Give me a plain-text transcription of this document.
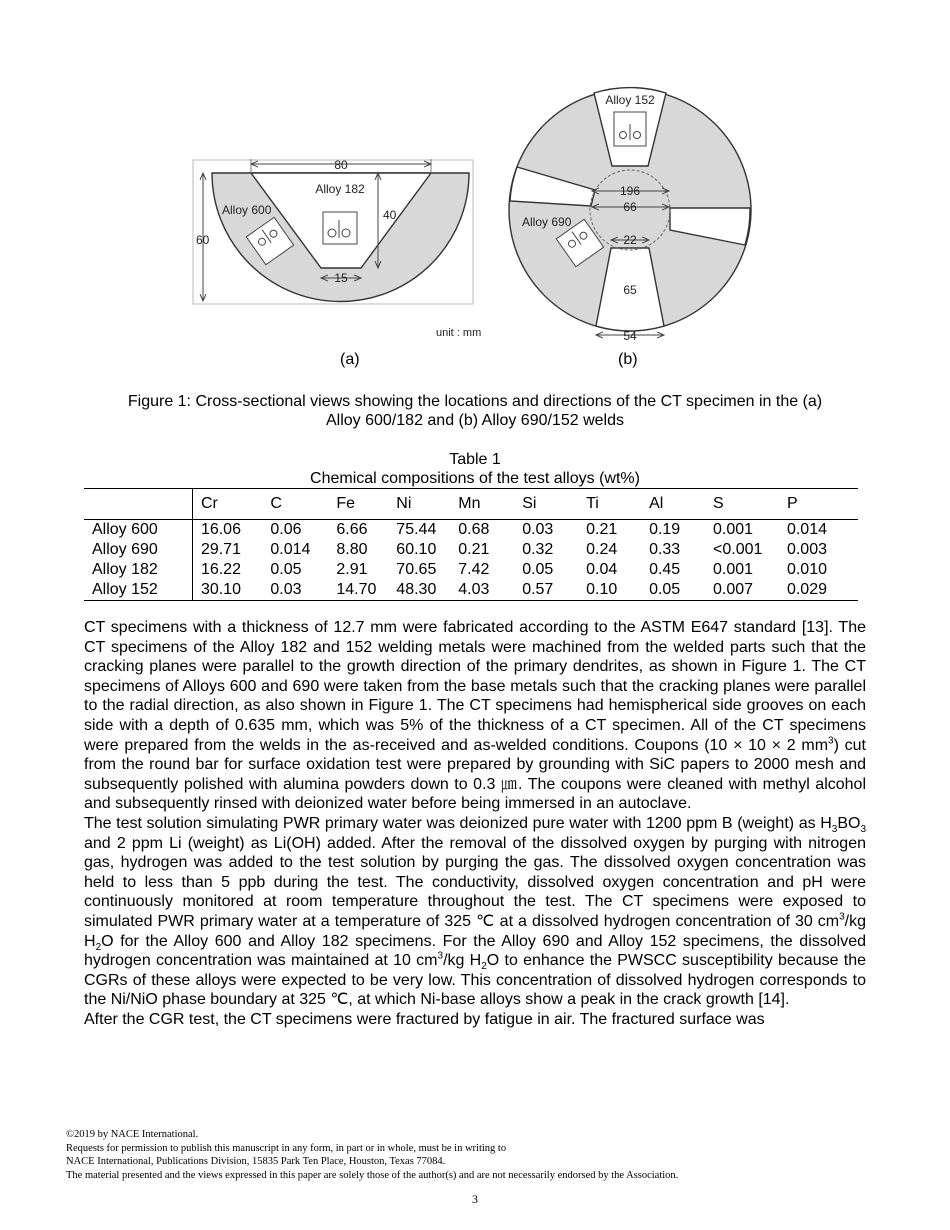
80
Alloy 182
40
Alloy 600
60
15
unit : mm
Alloy 152
196
66
Alloy 690
22
65
54
(a)	(b)
Figure 1: Cross-sectional views showing the locations and directions of the CT specimen in the (a)
Alloy 600/182 and (b) Alloy 690/152 welds
Table 1
Chemical compositions of the test alloys (wt%)
	Cr	C	Fe	Ni	Mn	Si	Ti	Al	S	P
Alloy 600	16.06	0.06	6.66	75.44	0.68	0.03	0.21	0.19	0.001	0.014
Alloy 690	29.71	0.014	8.80	60.10	0.21	0.32	0.24	0.33	<0.001	0.003
Alloy 182	16.22	0.05	2.91	70.65	7.42	0.05	0.04	0.45	0.001	0.010
Alloy 152	30.10	0.03	14.70	48.30	4.03	0.57	0.10	0.05	0.007	0.029

CT specimens with a thickness of 12.7 mm were fabricated according to the ASTM E647 standard [13]. The CT specimens of the Alloy 182 and 152 welding metals were machined from the welded parts such that the cracking planes were parallel to the growth direction of the primary dendrites, as shown in Figure 1. The CT specimens of Alloys 600 and 690 were taken from the base metals such that the cracking planes were parallel to the radial direction, as also shown in Figure 1. The CT specimens had hemispherical side grooves on each side with a depth of 0.635 mm, which was 5% of the thickness of a CT specimen. All of the CT specimens were prepared from the welds in the as-received and as-welded conditions. Coupons (10 × 10 × 2 $mm^3$) cut from the round bar for surface oxidation test were prepared by grounding with SiC papers to 2000 mesh and subsequently polished with alumina powders down to 0.3 ㎛. The coupons were cleaned with methyl alcohol and subsequently rinsed with deionized water before being immersed in an autoclave.

The test solution simulating PWR primary water was deionized pure water with 1200 ppm B (weight) as $H_3BO_3$ and 2 ppm Li (weight) as Li(OH) added. After the removal of the dissolved oxygen by purging with nitrogen gas, hydrogen was added to the test solution by purging the gas. The dissolved oxygen concentration was held to less than 5 ppb during the test. The conductivity, dissolved oxygen concentration and pH were continuously monitored at room temperature throughout the test. The CT specimens were exposed to simulated PWR primary water at a temperature of 325 ℃ at a dissolved hydrogen concentration of 30 $cm^3/kg$ $H_2O$ for the Alloy 600 and Alloy 182 specimens. For the Alloy 690 and Alloy 152 specimens, the dissolved hydrogen concentration was maintained at 10 $cm^3/kg$ $H_2O$ to enhance the PWSCC susceptibility because the CGRs of these alloys were expected to be very low. This concentration of dissolved hydrogen corresponds to the Ni/NiO phase boundary at 325 ℃, at which Ni-base alloys show a peak in the crack growth [14].

After the CGR test, the CT specimens were fractured by fatigue in air. The fractured surface was

©2019 by NACE International.
Requests for permission to publish this manuscript in any form, in part or in whole, must be in writing to
NACE International, Publications Division, 15835 Park Ten Place, Houston, Texas 77084.
The material presented and the views expressed in this paper are solely those of the author(s) and are not necessarily endorsed by the Association.
3
